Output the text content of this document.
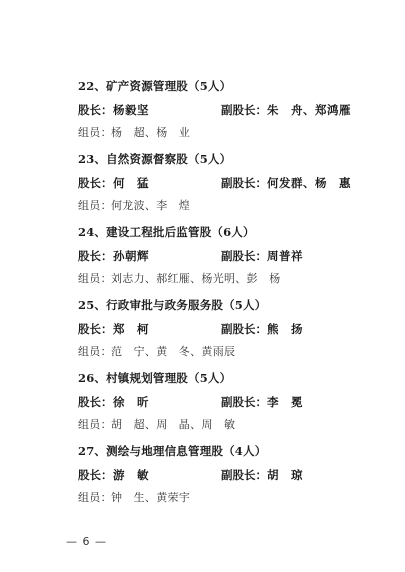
22、矿产资源管理股（5人）
股长： 杨毅坚	副股长： 朱　舟、郑鸿雁
组员：杨　超、杨　业
23、自然资源督察股（5人）
股长： 何　猛	副股长： 何发群、杨　惠
组员：何龙波、李　煌
24、建设工程批后监管股（6人）
股长： 孙朝辉	副股长： 周普祥
组员：刘志力、郝红雁、杨光明、彭　杨
25、行政审批与政务服务股（5人）
股长： 郑　柯	副股长： 熊　扬
组员：范　宁、黄　冬、黄雨辰
26、村镇规划管理股（5人）
股长： 徐　昕	副股长： 李　冕
组员：胡　超、周　晶、周　敏
27、测绘与地理信息管理股（4人）
股长： 游　敏	副股长： 胡　琼
组员：钟　生、黄荣宇
— 6 —
